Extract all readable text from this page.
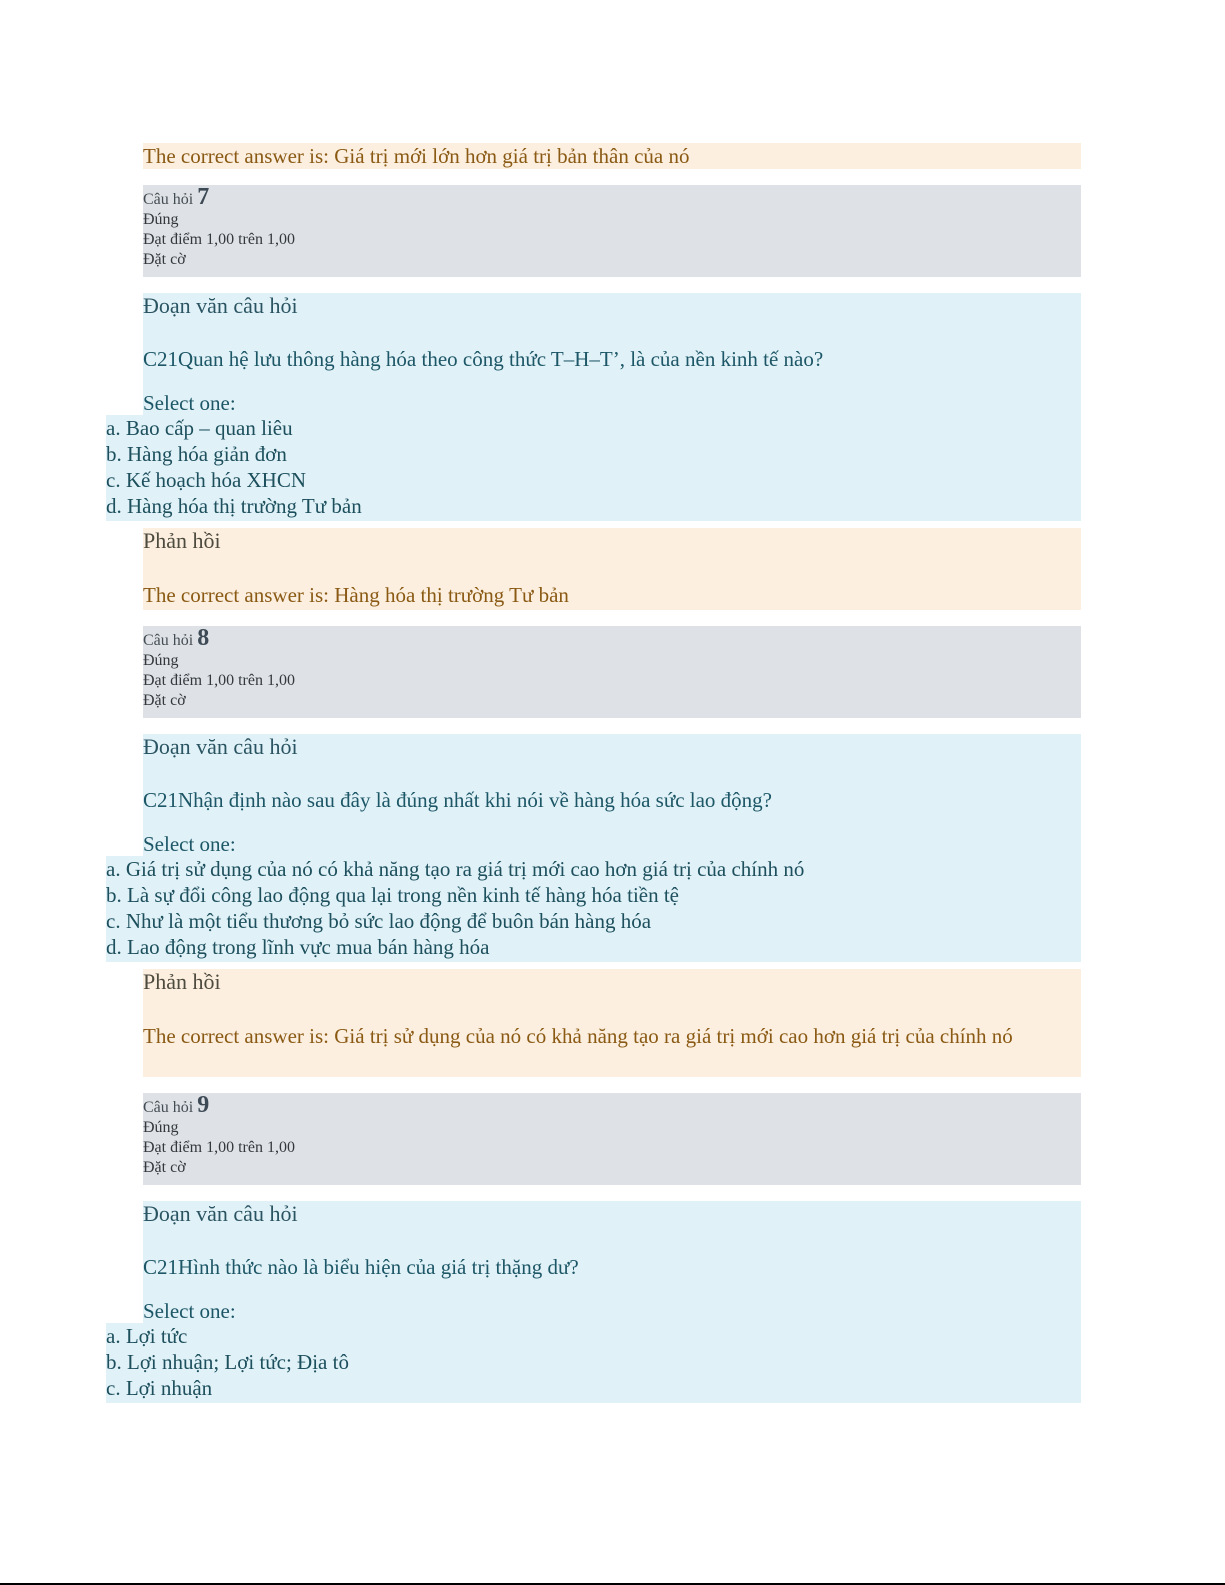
The correct answer is: Giá trị mới lớn hơn giá trị bản thân của nó
Câu hỏi 7
Đúng
Đạt điểm 1,00 trên 1,00
Đặt cờ
Đoạn văn câu hỏi
C21Quan hệ lưu thông hàng hóa theo công thức T–H–T’, là của nền kinh tế nào?
Select one:
a. Bao cấp – quan liêu
b. Hàng hóa giản đơn
c. Kế hoạch hóa XHCN
d. Hàng hóa thị trường Tư bản
Phản hồi
The correct answer is: Hàng hóa thị trường Tư bản
Câu hỏi 8
Đúng
Đạt điểm 1,00 trên 1,00
Đặt cờ
Đoạn văn câu hỏi
C21Nhận định nào sau đây là đúng nhất khi nói về hàng hóa sức lao động?
Select one:
a. Giá trị sử dụng của nó có khả năng tạo ra giá trị mới cao hơn giá trị của chính nó
b. Là sự đổi công lao động qua lại trong nền kinh tế hàng hóa tiền tệ
c. Như là một tiểu thương bỏ sức lao động để buôn bán hàng hóa
d. Lao động trong lĩnh vực mua bán hàng hóa
Phản hồi
The correct answer is: Giá trị sử dụng của nó có khả năng tạo ra giá trị mới cao hơn giá trị của chính nó
Câu hỏi 9
Đúng
Đạt điểm 1,00 trên 1,00
Đặt cờ
Đoạn văn câu hỏi
C21Hình thức nào là biểu hiện của giá trị thặng dư?
Select one:
a. Lợi tức
b. Lợi nhuận; Lợi tức; Địa tô
c. Lợi nhuận
